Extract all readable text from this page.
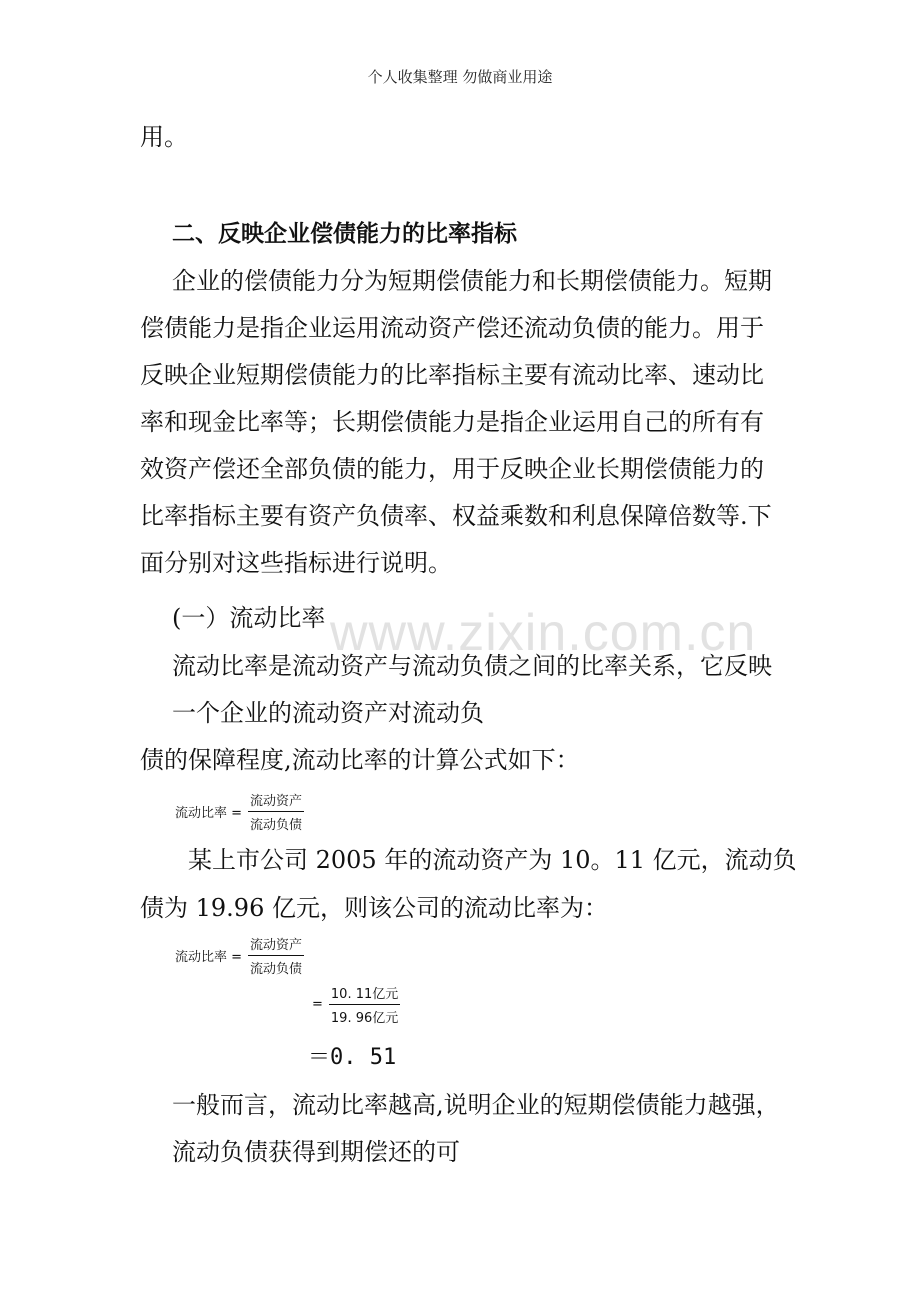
个人收集整理 勿做商业用途
www.zixin.com.cn
用。
二、反映企业偿债能力的比率指标
企业的偿债能力分为短期偿债能力和长期偿债能力。短期
偿债能力是指企业运用流动资产偿还流动负债的能力。用于
反映企业短期偿债能力的比率指标主要有流动比率、速动比
率和现金比率等；长期偿债能力是指企业运用自己的所有有
效资产偿还全部负债的能力，用于反映企业长期偿债能力的
比率指标主要有资产负债率、权益乘数和利息保障倍数等.下
面分别对这些指标进行说明。
(一）流动比率
流动比率是流动资产与流动负债之间的比率关系，它反映
一个企业的流动资产对流动负
债的保障程度,流动比率的计算公式如下：
流动比率 = $\frac{\text{流动资产}}{\text{流动负债}}$
某上市公司 2005 年的流动资产为 10。11 亿元，流动负
债为 19.96 亿元，则该公司的流动比率为：
流动比率 = $\frac{\text{流动资产}}{\text{流动负债}}$
= $\frac{\text{10. 11亿元}}{\text{19. 96亿元}}$
＝0. 51
一般而言，流动比率越高,说明企业的短期偿债能力越强，
流动负债获得到期偿还的可
